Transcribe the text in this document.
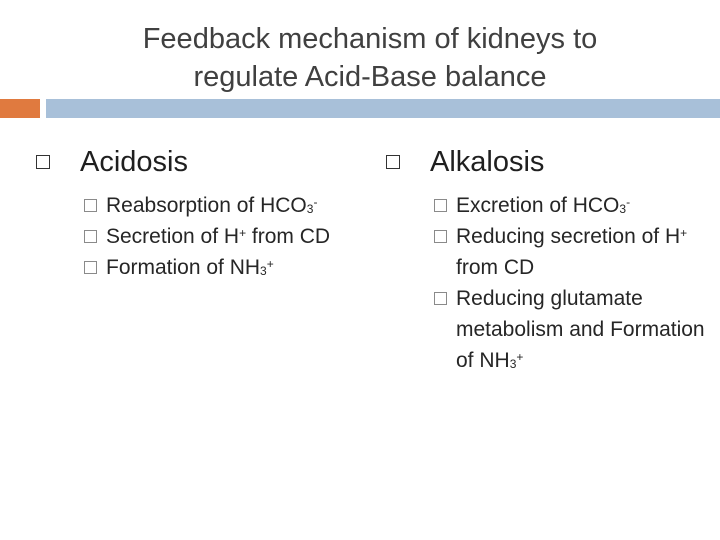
Feedback mechanism of kidneys to
regulate Acid-Base balance
Acidosis
Reabsorption of $HCO_3^-$
Secretion of H+ from CD
Formation of $NH_3^+$
Alkalosis
Excretion of $HCO_3^-$
Reducing secretion of H+ from CD
Reducing glutamate metabolism and Formation of $NH_3^+$
